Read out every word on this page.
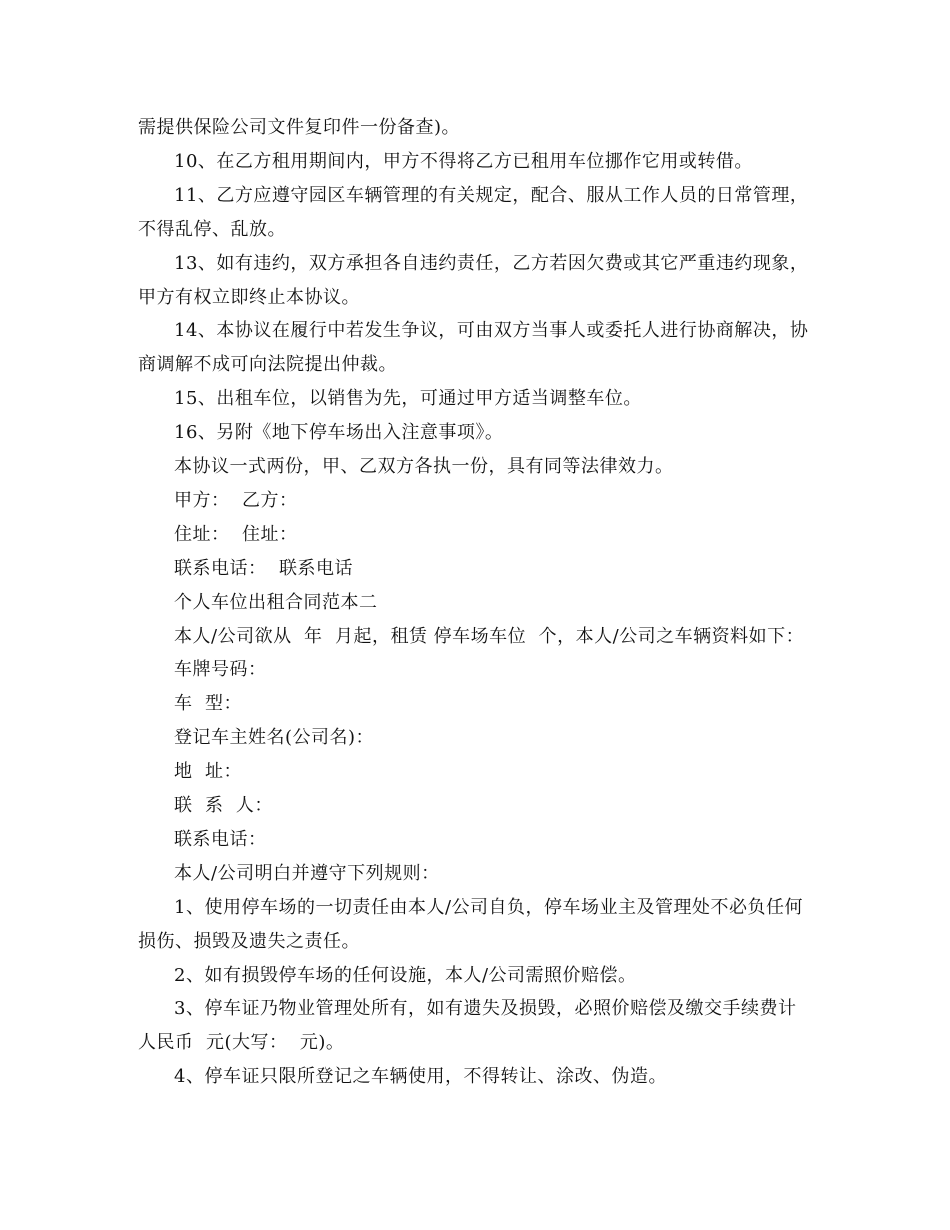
需提供保险公司文件复印件一份备查)。
10、在乙方租用期间内，甲方不得将乙方已租用车位挪作它用或转借。
11、乙方应遵守园区车辆管理的有关规定，配合、服从工作人员的日常管理，
不得乱停、乱放。
13、如有违约，双方承担各自违约责任，乙方若因欠费或其它严重违约现象，
甲方有权立即终止本协议。
14、本协议在履行中若发生争议，可由双方当事人或委托人进行协商解决，协
商调解不成可向法院提出仲裁。
15、出租车位，以销售为先，可通过甲方适当调整车位。
16、另附《地下停车场出入注意事项》。
本协议一式两份，甲、乙双方各执一份，具有同等法律效力。
甲方：  乙方：
住址：  住址：
联系电话：  联系电话
个人车位出租合同范本二
本人/公司欲从  年  月起，租赁 停车场车位  个，本人/公司之车辆资料如下：
车牌号码：
车  型：
登记车主姓名(公司名)：
地  址：
联  系  人：
联系电话：
本人/公司明白并遵守下列规则：
1、使用停车场的一切责任由本人/公司自负，停车场业主及管理处不必负任何
损伤、损毁及遗失之责任。
2、如有损毁停车场的任何设施，本人/公司需照价赔偿。
3、停车证乃物业管理处所有，如有遗失及损毁，必照价赔偿及缴交手续费计
人民币  元(大写：  元)。
4、停车证只限所登记之车辆使用，不得转让、涂改、伪造。
